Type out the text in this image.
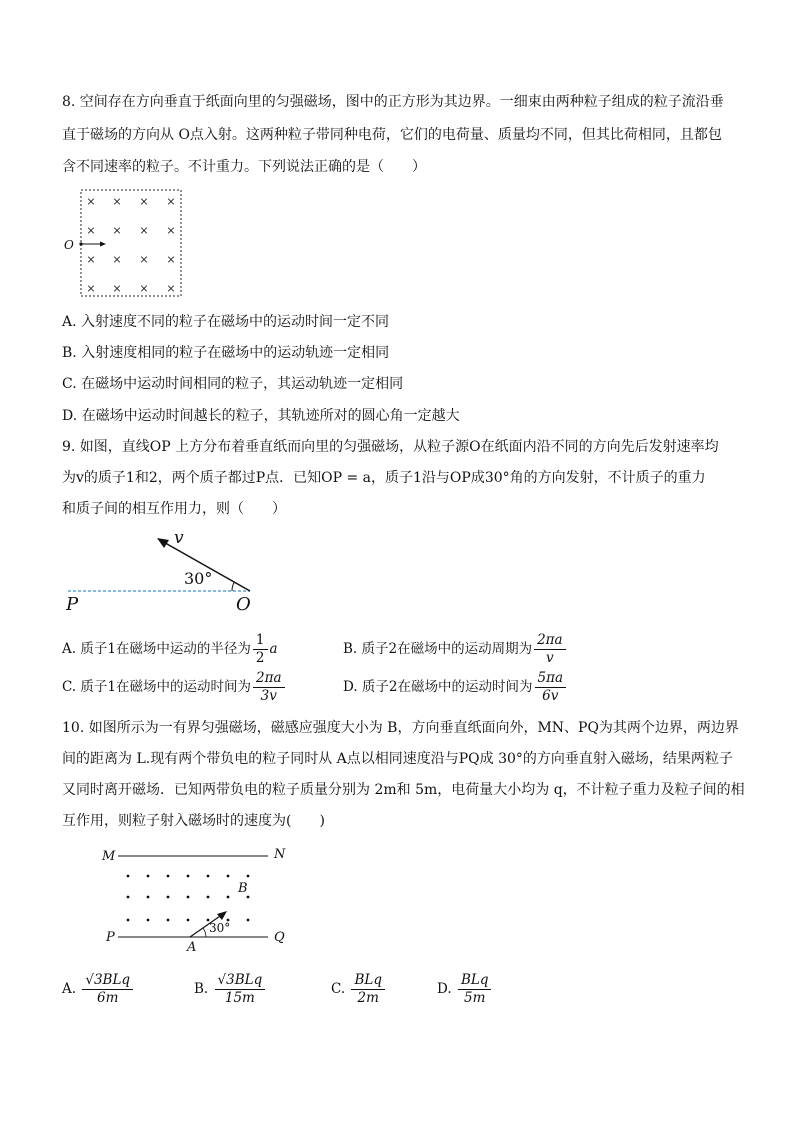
8. 空间存在方向垂直于纸面向里的匀强磁场，图中的正方形为其边界。一细束由两种粒子组成的粒子流沿垂
直于磁场的方向从 O点入射。这两种粒子带同种电荷，它们的电荷量、质量均不同，但其比荷相同，且都包
含不同速率的粒子。不计重力。下列说法正确的是（　　）
× × × ×
× × × ×
× × × ×
× × × ×
O
A. 入射速度不同的粒子在磁场中的运动时间一定不同
B. 入射速度相同的粒子在磁场中的运动轨迹一定相同
C. 在磁场中运动时间相同的粒子，其运动轨迹一定相同
D. 在磁场中运动时间越长的粒子，其轨迹所对的圆心角一定越大
9. 如图，直线OP 上方分布着垂直纸而向里的匀强磁场，从粒子源O在纸面内沿不同的方向先后发射速率均
为v的质子1和2，两个质子都过P点．已知OP = a，质子1沿与OP成30°角的方向发射，不计质子的重力
和质子间的相互作用力，则（　　）
v
30°
P	O
A. 质子1在磁场中运动的半径为 $\frac{1}{2}$ a	B. 质子2在磁场中的运动周期为 $\frac{2\pi a}{v}$
C. 质子1在磁场中的运动时间为 $\frac{2\pi a}{3v}$	D. 质子2在磁场中的运动时间为 $\frac{5\pi a}{6v}$
10. 如图所示为一有界匀强磁场，磁感应强度大小为 B，方向垂直纸面向外，MN、PQ为其两个边界，两边界
间的距离为 L.现有两个带负电的粒子同时从 A点以相同速度沿与PQ成 30°的方向垂直射入磁场，结果两粒子
又同时离开磁场．已知两带负电的粒子质量分别为 2m和 5m，电荷量大小均为 q，不计粒子重力及粒子间的相
互作用，则粒子射入磁场时的速度为(　　)
M	N
B
P	Q
A
30°
A. $\frac{\text{√3BLq}}{6m}$	B. $\frac{\text{√3BLq}}{15m}$	C. $\frac{\text{BLq}}{2m}$	D. $\frac{\text{BLq}}{5m}$
